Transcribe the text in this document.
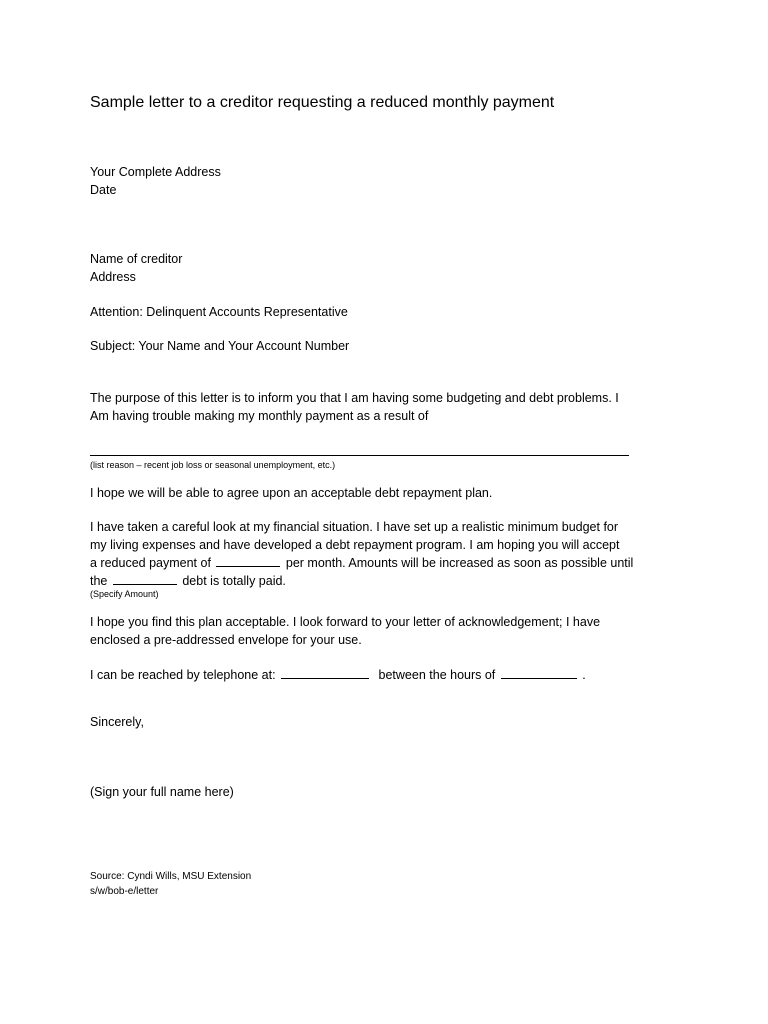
Sample letter to a creditor requesting a reduced monthly payment

Your Complete Address
Date
Name of creditor
Address

Attention: Delinquent Accounts Representative

Subject: Your Name and Your Account Number

The purpose of this letter is to inform you that I am having some budgeting and debt problems. I
Am having trouble making my monthly payment as a result of

(list reason – recent job loss or seasonal unemployment, etc.)

I hope we will be able to agree upon an acceptable debt repayment plan.

I have taken a careful look at my financial situation. I have set up a realistic minimum budget for
my living expenses and have developed a debt repayment program. I am hoping you will accept
a reduced payment of	per month. Amounts will be increased as soon as possible until
the	debt is totally paid.

(Specify Amount)

I hope you find this plan acceptable. I look forward to your letter of acknowledgement; I have
enclosed a pre-addressed envelope for your use.

I can be reached by telephone at:	between the hours of	.

Sincerely,

(Sign your full name here)

Source: Cyndi Wills, MSU Extension
s/w/bob-e/letter
